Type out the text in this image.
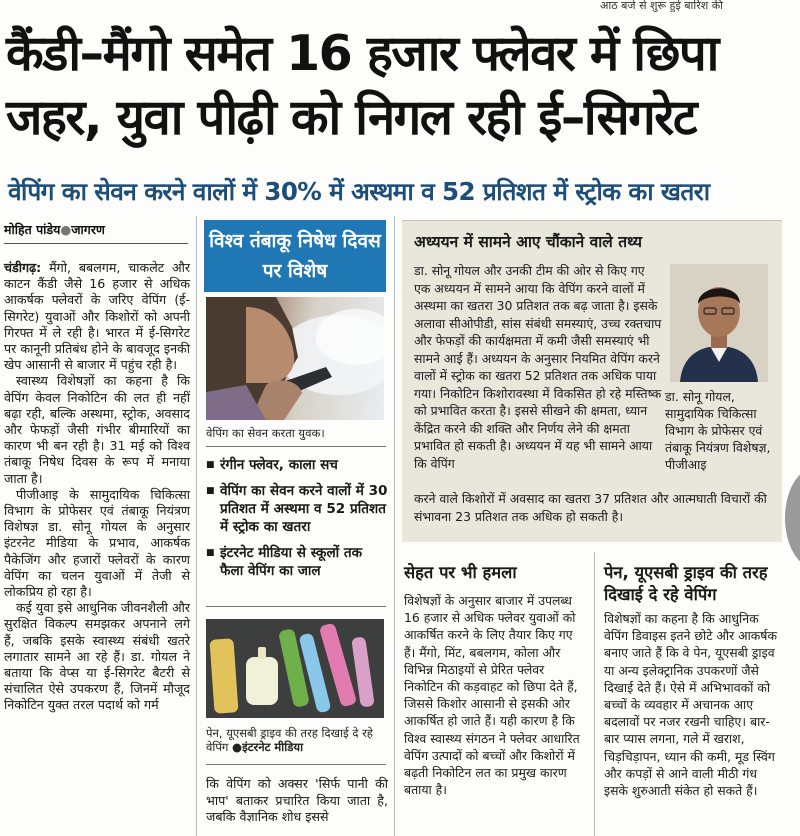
आठ बजे से शुरू हुई बारिश की
कैंडी–मैंगो समेत 16 हजार फ्लेवर में छिपा
जहर, युवा पीढ़ी को निगल रही ई–सिगरेट
वेपिंग का सेवन करने वालों में 30% में अस्थमा व 52 प्रतिशत में स्ट्रोक का खतरा
मोहित पांडेय●जागरण

चंडीगढ़: मैंगो, बबलगम, चाकलेट और काटन कैंडी जैसे 16 हजार से अधिक आकर्षक फ्लेवरों के जरिए वेपिंग (ई-सिगरेट) युवाओं और किशोरों को अपनी गिरफ्त में ले रही है। भारत में ई-सिगरेट पर कानूनी प्रतिबंध होने के बावजूद इनकी खेप आसानी से बाजार में पहुंच रही है।

स्वास्थ्य विशेषज्ञों का कहना है कि वेपिंग केवल निकोटिन की लत ही नहीं बढ़ा रही, बल्कि अस्थमा, स्ट्रोक, अवसाद और फेफड़ों जैसी गंभीर बीमारियों का कारण भी बन रही है। 31 मई को विश्व तंबाकू निषेध दिवस के रूप में मनाया जाता है।

पीजीआइ के सामुदायिक चिकित्सा विभाग के प्रोफेसर एवं तंबाकू नियंत्रण विशेषज्ञ डा. सोनू गोयल के अनुसार इंटरनेट मीडिया के प्रभाव, आकर्षक पैकेजिंग और हजारों फ्लेवरों के कारण वेपिंग का चलन युवाओं में तेजी से लोकप्रिय हो रहा है।

कई युवा इसे आधुनिक जीवनशैली और सुरक्षित विकल्प समझकर अपनाने लगे हैं, जबकि इसके स्वास्थ्य संबंधी खतरे लगातार सामने आ रहे हैं। डा. गोयल ने बताया कि वेप्स या ई-सिगरेट बैटरी से संचालित ऐसे उपकरण हैं, जिनमें मौजूद निकोटिन युक्त तरल पदार्थ को गर्म

विश्व तंबाकू निषेध दिवस
पर विशेष
वेपिंग का सेवन करता युवक।
■ रंगीन फ्लेवर, काला सच
■ वेपिंग का सेवन करने वालों में 30 प्रतिशत में अस्थमा व 52 प्रतिशत में स्ट्रोक का खतरा
■ इंटरनेट मीडिया से स्कूलों तक फैला वेपिंग का जाल
पेन, यूएसबी ड्राइव की तरह दिखाई दे रहे वेपिंग ●इंटरनेट मीडिया
कि वेपिंग को अक्सर 'सिर्फ पानी की भाप' बताकर प्रचारित किया जाता है, जबकि वैज्ञानिक शोध इससे
अध्ययन में सामने आए चौंकाने वाले तथ्य
डा. सोनू गोयल और उनकी टीम की ओर से किए गए एक अध्ययन में सामने आया कि वेपिंग करने वालों में अस्थमा का खतरा 30 प्रतिशत तक बढ़ जाता है। इसके अलावा सीओपीडी, सांस संबंधी समस्याएं, उच्च रक्तचाप और फेफड़ों की कार्यक्षमता में कमी जैसी समस्याएं भी सामने आई हैं। अध्ययन के अनुसार नियमित वेपिंग करने वालों में स्ट्रोक का खतरा 52 प्रतिशत तक अधिक पाया गया। निकोटिन किशोरावस्था में विकसित हो रहे मस्तिष्क को प्रभावित करता है। इससे सीखने की क्षमता, ध्यान केंद्रित करने की शक्ति और निर्णय लेने की क्षमता प्रभावित हो सकती है। अध्ययन में यह भी सामने आया कि वेपिंग
डा. सोनू गोयल, सामुदायिक चिकित्सा विभाग के प्रोफेसर एवं तंबाकू नियंत्रण विशेषज्ञ, पीजीआइ
करने वाले किशोरों में अवसाद का खतरा 37 प्रतिशत और आत्मघाती विचारों की संभावना 23 प्रतिशत तक अधिक हो सकती है।
सेहत पर भी हमला
विशेषज्ञों के अनुसार बाजार में उपलब्ध 16 हजार से अधिक फ्लेवर युवाओं को आकर्षित करने के लिए तैयार किए गए हैं। मैंगो, मिंट, बबलगम, कोला और विभिन्न मिठाइयों से प्रेरित फ्लेवर निकोटिन की कड़वाहट को छिपा देते हैं, जिससे किशोर आसानी से इसकी ओर आकर्षित हो जाते हैं। यही कारण है कि विश्व स्वास्थ्य संगठन ने फ्लेवर आधारित वेपिंग उत्पादों को बच्चों और किशोरों में बढ़ती निकोटिन लत का प्रमुख कारण बताया है।
पेन, यूएसबी ड्राइव की तरह दिखाई दे रहे वेपिंग
विशेषज्ञों का कहना है कि आधुनिक वेपिंग डिवाइस इतने छोटे और आकर्षक बनाए जाते हैं कि वे पेन, यूएसबी ड्राइव या अन्य इलेक्ट्रानिक उपकरणों जैसे दिखाई देते हैं। ऐसे में अभिभावकों को बच्चों के व्यवहार में अचानक आए बदलावों पर नजर रखनी चाहिए। बार-बार प्यास लगना, गले में खराश, चिड़चिड़ापन, ध्यान की कमी, मूड स्विंग और कपड़ों से आने वाली मीठी गंध इसके शुरुआती संकेत हो सकते हैं।
